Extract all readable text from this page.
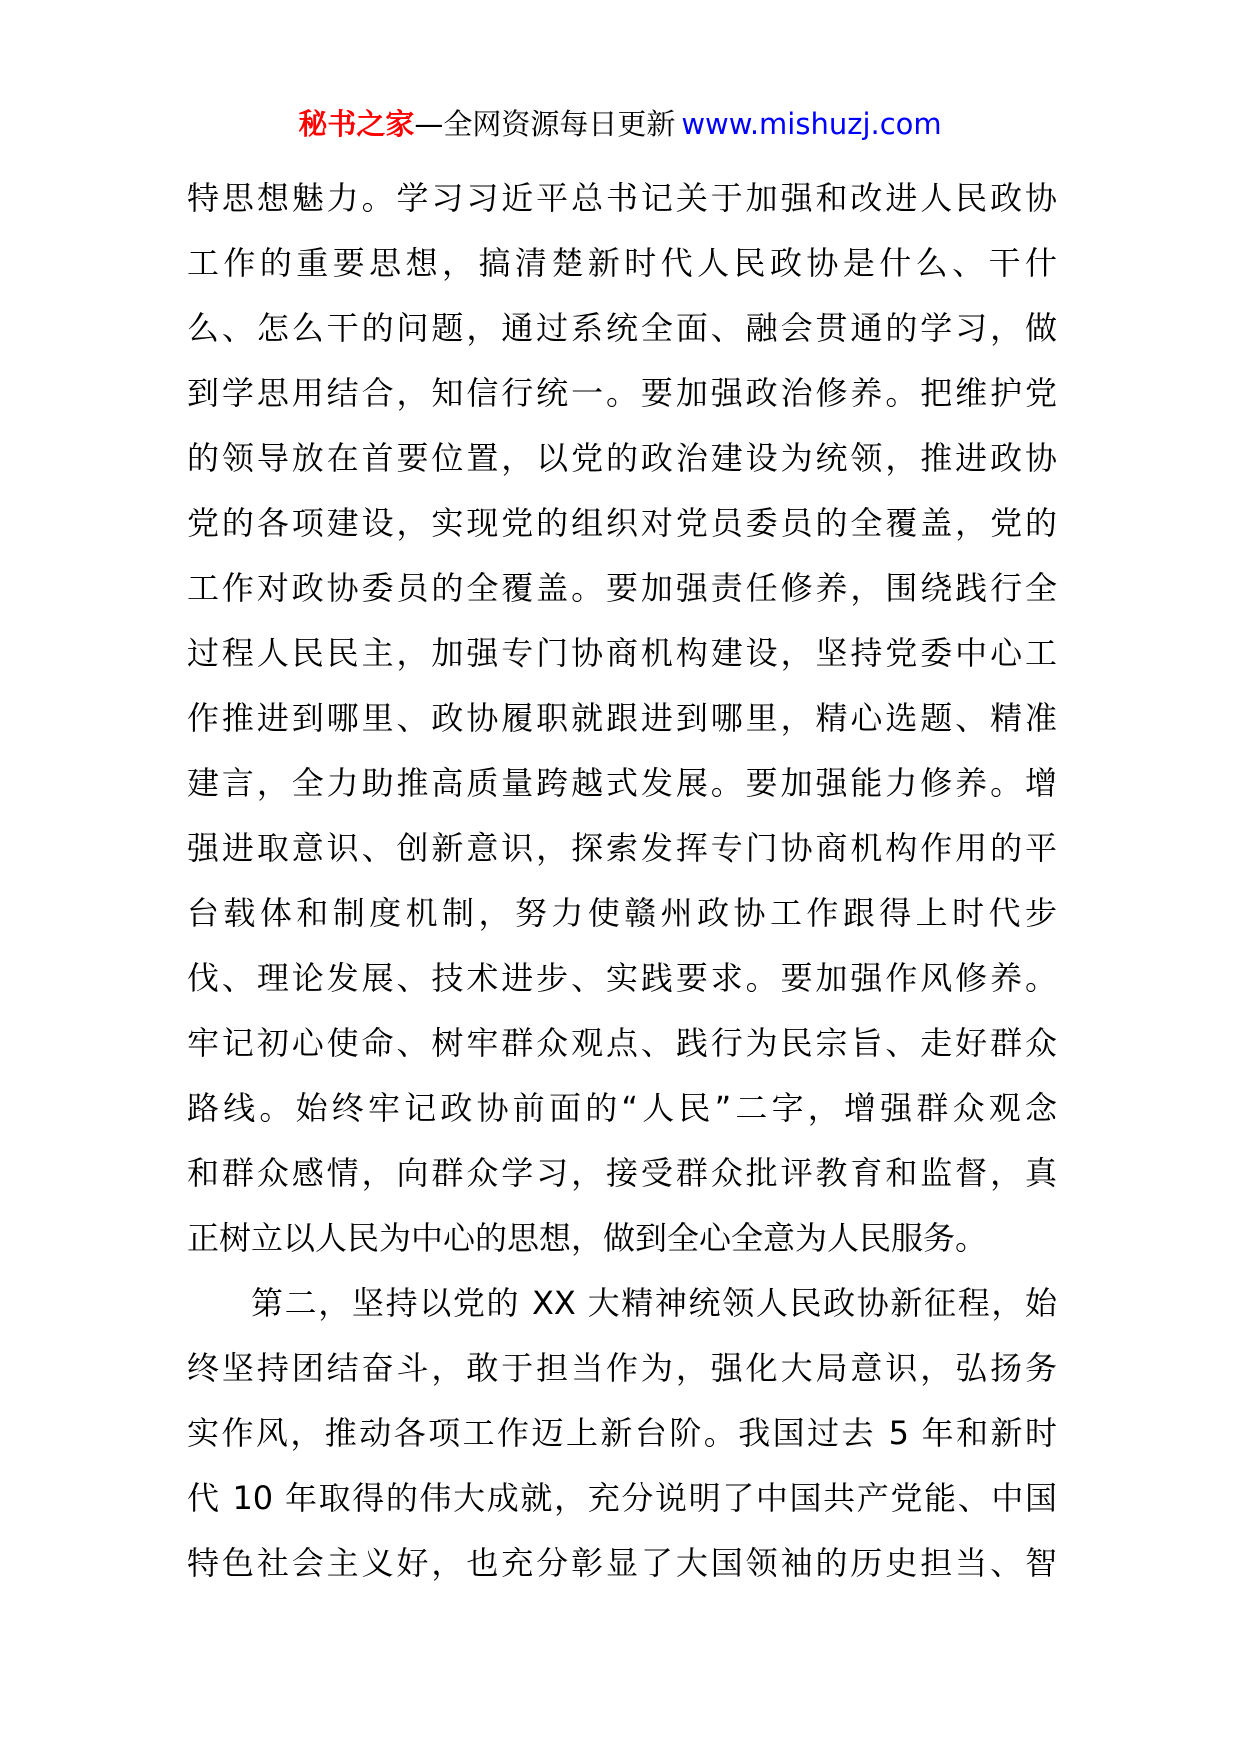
秘书之家—全网资源每日更新 www.mishuzj.com

特思想魅力。学习习近平总书记关于加强和改进人民政协
工作的重要思想，搞清楚新时代人民政协是什么、干什
么、怎么干的问题，通过系统全面、融会贯通的学习，做
到学思用结合，知信行统一。要加强政治修养。把维护党
的领导放在首要位置，以党的政治建设为统领，推进政协
党的各项建设，实现党的组织对党员委员的全覆盖，党的
工作对政协委员的全覆盖。要加强责任修养，围绕践行全
过程人民民主，加强专门协商机构建设，坚持党委中心工
作推进到哪里、政协履职就跟进到哪里，精心选题、精准
建言，全力助推高质量跨越式发展。要加强能力修养。增
强进取意识、创新意识，探索发挥专门协商机构作用的平
台载体和制度机制，努力使赣州政协工作跟得上时代步
伐、理论发展、技术进步、实践要求。要加强作风修养。
牢记初心使命、树牢群众观点、践行为民宗旨、走好群众
路线。始终牢记政协前面的“人民”二字，增强群众观念
和群众感情，向群众学习，接受群众批评教育和监督，真
正树立以人民为中心的思想，做到全心全意为人民服务。

第二，坚持以党的 XX 大精神统领人民政协新征程，始
终坚持团结奋斗，敢于担当作为，强化大局意识，弘扬务
实作风，推动各项工作迈上新台阶。我国过去 5 年和新时
代 10 年取得的伟大成就，充分说明了中国共产党能、中国
特色社会主义好，也充分彰显了大国领袖的历史担当、智
